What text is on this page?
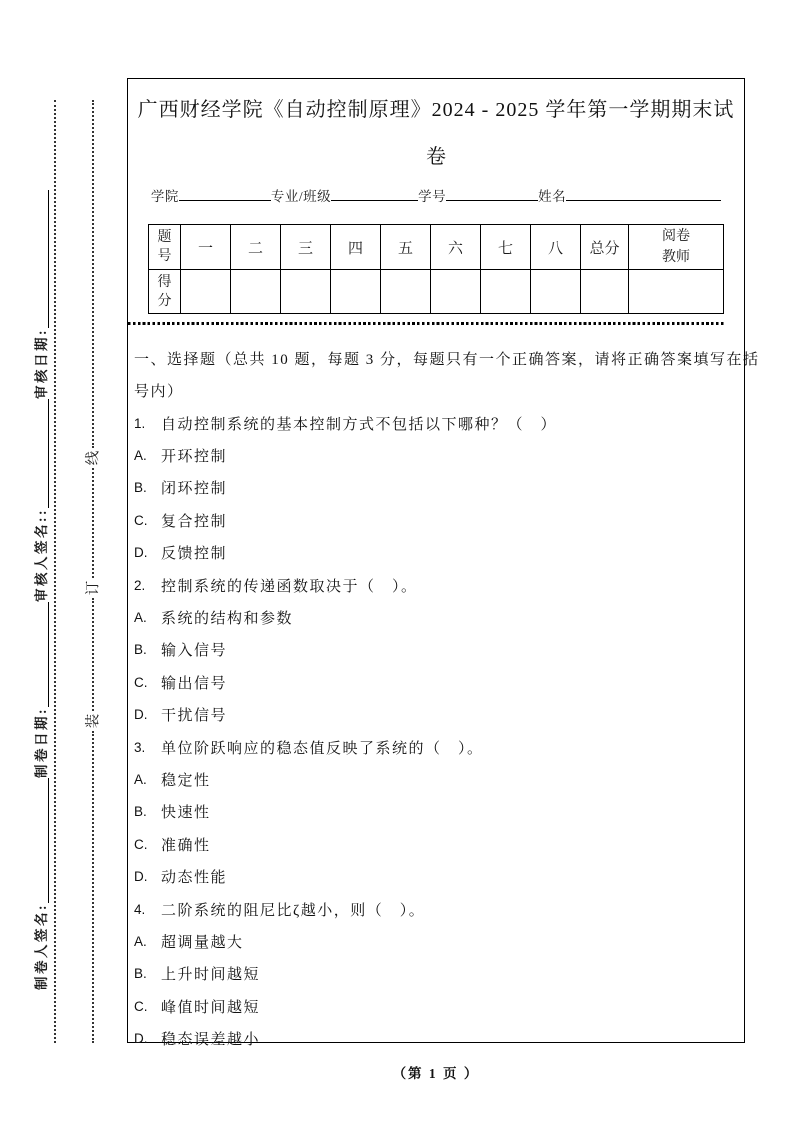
制卷人签名:
制卷日期:
审核人签名::
审核日期:
线
订
装
广西财经学院《自动控制原理》2024 - 2025 学年第一学期期末试
卷
学院	专业/班级	学号	姓名
题号	一	二	三	四	五	六	七	八	总分	阅卷教师
得分										
一、选择题（总共 10 题，每题 3 分，每题只有一个正确答案，请将正确答案填写在括
号内）
1.	自动控制系统的基本控制方式不包括以下哪种？（　）
A. 开环控制
B. 闭环控制
C. 复合控制
D. 反馈控制
2.	控制系统的传递函数取决于（　）。
A. 系统的结构和参数
B. 输入信号
C. 输出信号
D. 干扰信号
3.	单位阶跃响应的稳态值反映了系统的（　）。
A. 稳定性
B. 快速性
C. 准确性
D. 动态性能
4.	二阶系统的阻尼比ζ越小，则（　）。
A. 超调量越大
B. 上升时间越短
C. 峰值时间越短
D. 稳态误差越小
（第 1 页 ）
